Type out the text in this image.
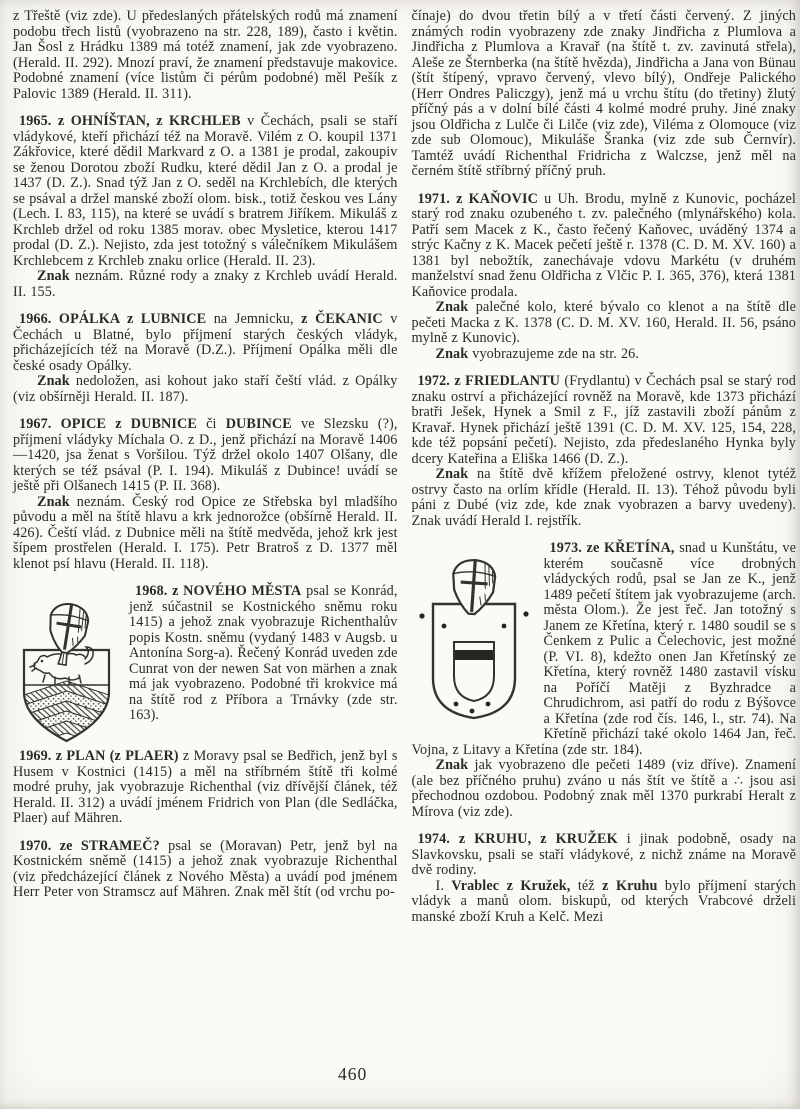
z Třeště (viz zde). U předeslaných přátelských rodů má znamení podobu třech listů (vyobrazeno na str. 228, 189), často i květin. Jan Šosl z Hrádku 1389 má totéž znamení, jak zde vyobrazeno. (Herald. II. 292). Mnozí praví, že znamení představuje makovice. Podobné znamení (více listům či pérům podobné) měl Pešík z Palovic 1389 (Herald. II. 311).

1965. z OHNÍŠTAN, z KRCHLEB v Čechách, psali se staří vládykové, kteří přichází též na Moravě. Vilém z O. koupil 1371 Zákřovice, které dědil Markvard z O. a 1381 je prodal, zakoupiv se ženou Dorotou zboží Rudku, které dědil Jan z O. a prodal je 1437 (D. Z.). Snad týž Jan z O. seděl na Krchlebích, dle kterých se psával a držel manské zboží olom. bisk., totiž českou ves Lány (Lech. I. 83, 115), na které se uvádí s bratrem Jiříkem. Mikuláš z Krchleb držel od roku 1385 morav. obec Mysletice, kterou 1417 prodal (D. Z.). Nejisto, zda jest totožný s válečníkem Mikulášem Krchlebcem z Krchleb znaku orlice (Herald. II. 23).

Znak neznám. Různé rody a znaky z Krchleb uvádí Herald. II. 155.

1966. OPÁLKA z LUBNICE na Jemnicku, z ČEKANIC v Čechách u Blatné, bylo příjmení starých českých vládyk, přicházejících též na Moravě (D.Z.). Příjmení Opálka měli dle české osady Opálky.

Znak nedoložen, asi kohout jako staří čeští vlád. z Opálky (viz obšírněji Herald. II. 187).

1967. OPICE z DUBNICE či DUBINCE ve Slezsku (?), příjmení vládyky Míchala O. z D., jenž přichází na Moravě 1406—1420, jsa ženat s Voršilou. Týž držel okolo 1407 Olšany, dle kterých se též psával (P. I. 194). Mikuláš z Dubince! uvádí se ještě při Olšanech 1415 (P. II. 368).

Znak neznám. Český rod Opice ze Střebska byl mladšího původu a měl na štítě hlavu a krk jednorožce (obšírně Herald. II. 426). Čeští vlád. z Dubnice měli na štítě medvěda, jehož krk jest šípem prostřelen (Herald. I. 175). Petr Bratroš z D. 1377 měl klenot psí hlavu (Herald. II. 118).

1968. z NOVÉHO MĚSTA psal se Konrád, jenž súčastnil se Kostnického sněmu roku 1415) a jehož znak vyobrazuje Richenthalův popis Kostn. sněmu (vydaný 1483 v Augsb. u Antonína Sorg-a). Řečený Konrád uveden zde Cunrat von der newen Sat von märhen a znak má jak vyobrazeno. Podobné tři krokvice má na štítě rod z Příbora a Trnávky (zde str. 163).

1969. z PLAN (z PLAER) z Moravy psal se Bedřich, jenž byl s Husem v Kostnici (1415) a měl na stříbrném štítě tři kolmé modré pruhy, jak vyobrazuje Richenthal (viz dřívější článek, též Herald. II. 312) a uvádí jménem Fridrich von Plan (dle Sedláčka, Plaer) auf Mähren.

1970. ze STRAMEČ? psal se (Moravan) Petr, jenž byl na Kostnickém sněmě (1415) a jehož znak vyobrazuje Richenthal (viz předcházející článek z Nového Města) a uvádí pod jménem Herr Peter von Stramscz auf Mähren. Znak měl štít (od vrchu po-

čínaje) do dvou třetin bílý a v třetí části červený. Z jiných známých rodin vyobrazeny zde znaky Jindřicha z Plumlova a Jindřicha z Plumlova a Kravař (na štítě t. zv. zavinutá střela), Aleše ze Šternberka (na štítě hvězda), Jindřicha a Jana von Bünau (štít štípený, vpravo červený, vlevo bílý), Ondřeje Palického (Herr Ondres Paliczgy), jenž má u vrchu štítu (do třetiny) žlutý příčný pás a v dolní bílé části 4 kolmé modré pruhy. Jiné znaky jsou Oldřicha z Lulče či Lilče (viz zde), Viléma z Olomouce (viz zde sub Olomouc), Mikuláše Šranka (viz zde sub Černvír). Tamtéž uvádí Richenthal Fridricha z Walczse, jenž měl na černém štítě stříbrný příčný pruh.

1971. z KAŇOVIC u Uh. Brodu, mylně z Kunovic, pocházel starý rod znaku ozubeného t. zv. palečného (mlynářského) kola. Patří sem Macek z K., často řečený Kaňovec, uváděný 1374 a strýc Kačny z K. Macek pečetí ještě r. 1378 (C. D. M. XV. 160) a 1381 byl nebožtík, zanechávaje vdovu Markétu (v druhém manželství snad ženu Oldřicha z Vlčic P. I. 365, 376), která 1381 Kaňovice prodala.

Znak palečné kolo, které bývalo co klenot a na štítě dle pečeti Macka z K. 1378 (C. D. M. XV. 160, Herald. II. 56, psáno mylně z Kunovic).

Znak vyobrazujeme zde na str. 26.

1972. z FRIEDLANTU (Frydlantu) v Čechách psal se starý rod znaku ostrví a přicházející rovněž na Moravě, kde 1373 přichází bratři Ješek, Hynek a Smil z F., jíž zastavili zboží pánům z Kravař. Hynek přichází ještě 1391 (C. D. M. XV. 125, 154, 228, kde též popsání pečetí). Nejisto, zda předeslaného Hynka byly dcery Kateřina a Eliška 1466 (D. Z.).

Znak na štítě dvě křížem přeložené ostrvy, klenot tytéž ostrvy často na orlím křídle (Herald. II. 13). Téhož původu byli páni z Dubé (viz zde, kde znak vyobrazen a barvy uvedeny). Znak uvádí Herald I. rejstřík.

1973. ze KŘETÍNA, snad u Kunštátu, ve kterém současně více drobných vládyckých rodů, psal se Jan ze K., jenž 1489 pečetí štítem jak vyobrazujeme (arch. města Olom.). Že jest řeč. Jan totožný s Janem ze Křetína, který r. 1480 soudil se s Čenkem z Pulic a Čelechovic, jest možné (P. VI. 8), kdežto onen Jan Křetínský ze Křetína, který rovněž 1480 zastavil vísku na Poříčí Matěji z Byzhradce a Chrudichrom, asi patří do rodu z Býšovce a Křetína (zde rod čís. 146, l., str. 74). Na Křetíně přichází také okolo 1464 Jan, řeč. Vojna, z Litavy a Křetína (zde str. 184).

Znak jak vyobrazeno dle pečeti 1489 (viz dříve). Znamení (ale bez příčného pruhu) zváno u nás štít ve štítě a ∴ jsou asi přechodnou ozdobou. Podobný znak měl 1370 purkrabí Heralt z Mírova (viz zde).

1974. z KRUHU, z KRUŽEK i jinak podobně, osady na Slavkovsku, psali se staří vládykové, z nichž známe na Moravě dvě rodiny.

I. Vrablec z Kružek, též z Kruhu bylo příjmení starých vládyk a manů olom. biskupů, od kterých Vrabcové drželi manské zboží Kruh a Kelč. Mezi

460
